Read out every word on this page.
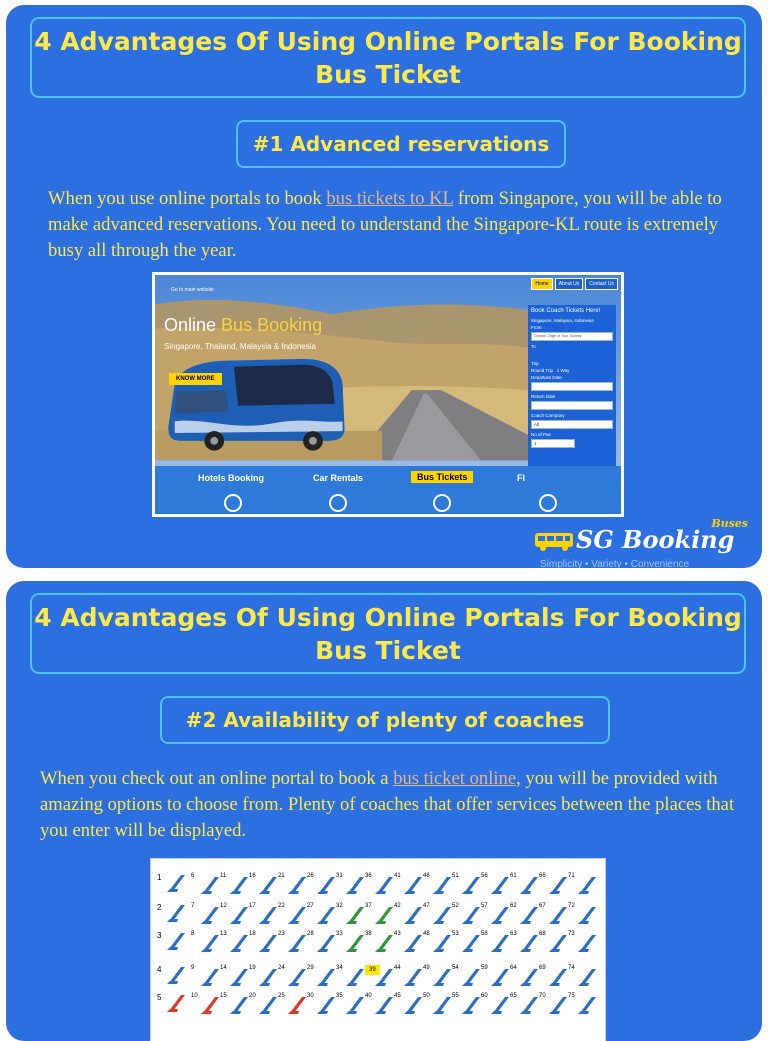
4 Advantages Of Using Online Portals For Booking Bus Ticket
#1 Advanced reservations
When you use online portals to book bus tickets to KL from Singapore, you will be able to make advanced reservations. You need to understand the Singapore-KL route is extremely busy all through the year.
Go to main website
Online Bus Booking
Singapore, Thailand, Malaysia & Indonesia
KNOW MORE
Home	About Us	Contact Us
Book Coach Tickets Here!
Singapore, Malaysia, Indonesia
From
Choose Origin of Your Journey
To
Trip
Round Trip 1 Way
Departure Date
Return Date
Coach Company
All
No of Pax
1
Hotels Booking	Car Rentals	Bus Tickets	Fl
Buses
SG Booking
Simplicity • Variety • Convenience
4 Advantages Of Using Online Portals For Booking Bus Ticket
#2 Availability of plenty of coaches
When you check out an online portal to book a bus ticket online, you will be provided with amazing options to choose from. Plenty of coaches that offer services between the places that you enter will be displayed.
1	6	11	16	21	26	31	36	41	46	51	56	61	66	71
2	7	12	17	22	27	32	37	42	47	52	57	62	67	72
3	8	13	18	23	28	33	38	43	48	53	58	63	68	73
4	9	14	19	24	29	34	39	44	49	54	59	64	69	74
5	10	15	20	25	30	35	40	45	50	55	60	65	70	75
